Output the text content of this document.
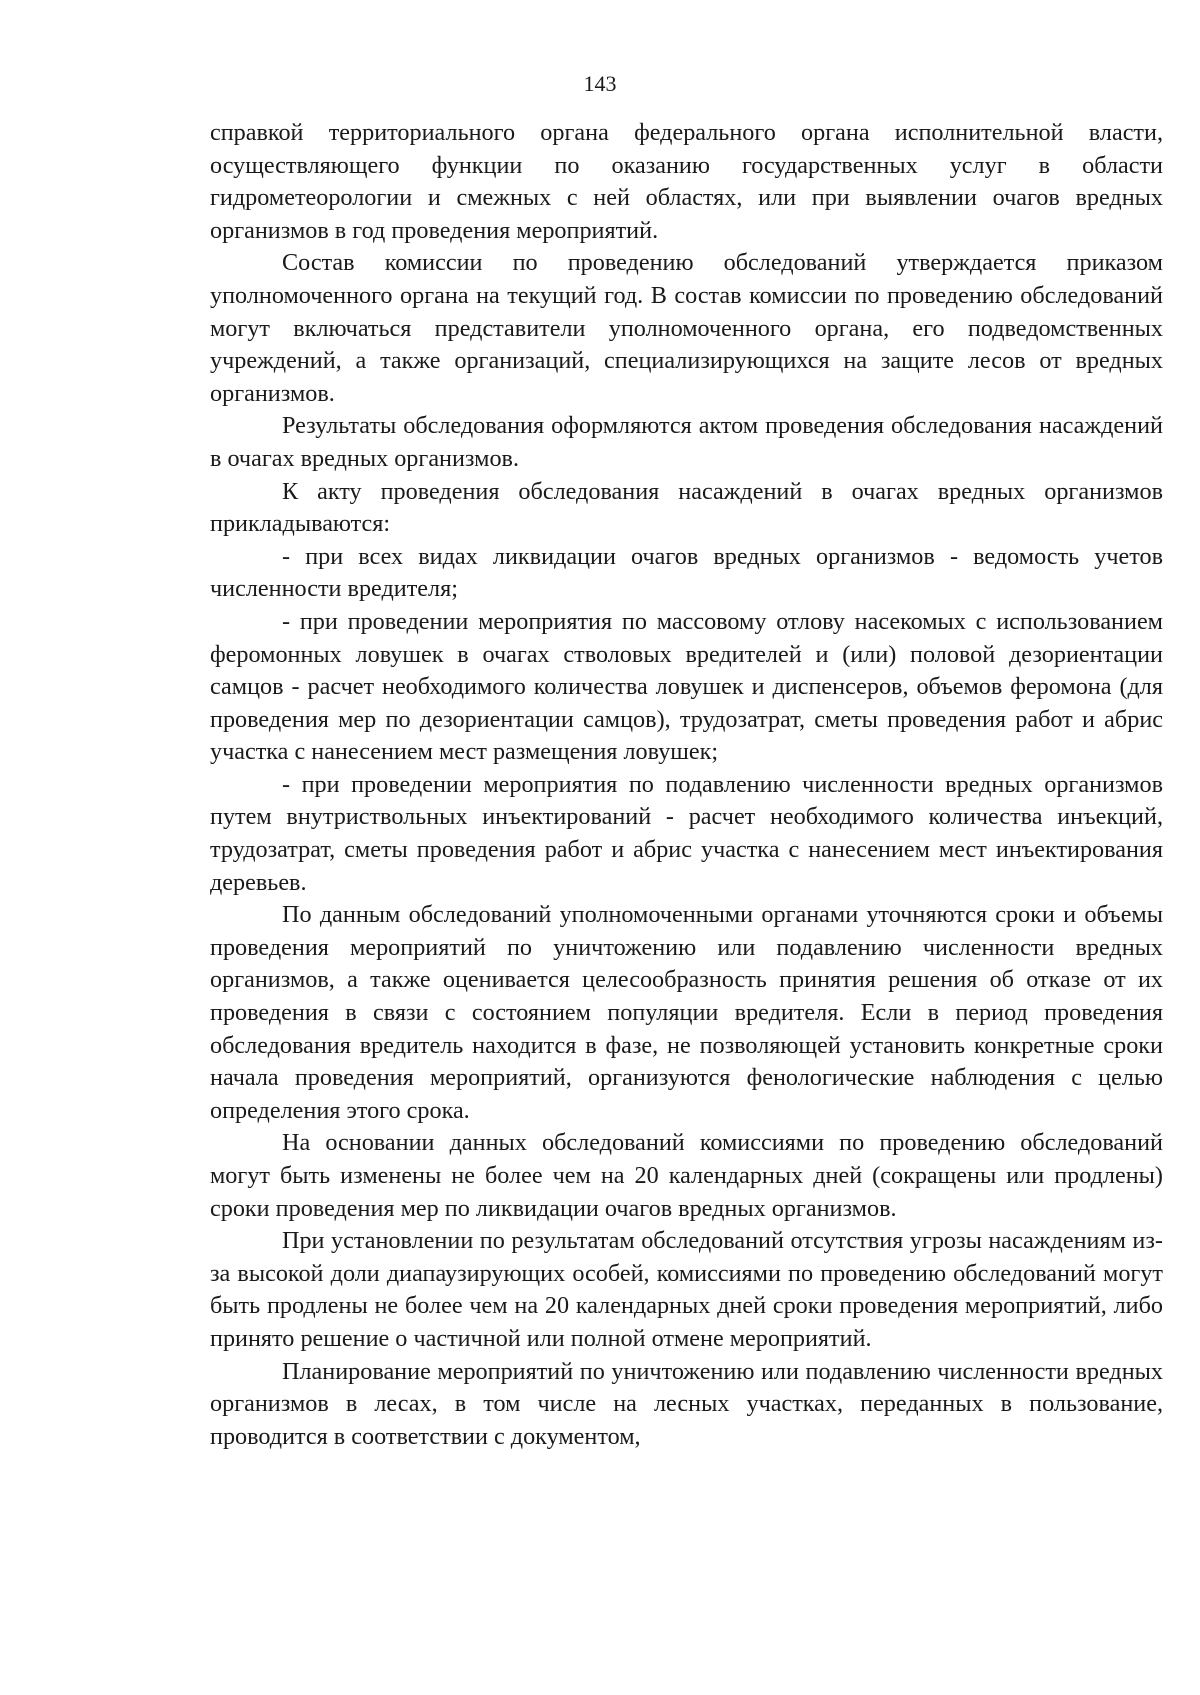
143

справкой территориального органа федерального органа исполнительной власти, осуществляющего функции по оказанию государственных услуг в области гидрометеорологии и смежных с ней областях, или при выявлении очагов вредных организмов в год проведения мероприятий.

Состав комиссии по проведению обследований утверждается приказом уполномоченного органа на текущий год. В состав комиссии по проведению обследований могут включаться представители уполномоченного органа, его подведомственных учреждений, а также организаций, специализирующихся на защите лесов от вредных организмов.

Результаты обследования оформляются актом проведения обследования насаждений в очагах вредных организмов.

К акту проведения обследования насаждений в очагах вредных организмов прикладываются:

- при всех видах ликвидации очагов вредных организмов - ведомость учетов численности вредителя;

- при проведении мероприятия по массовому отлову насекомых с использованием феромонных ловушек в очагах стволовых вредителей и (или) половой дезориентации самцов - расчет необходимого количества ловушек и диспенсеров, объемов феромона (для проведения мер по дезориентации самцов), трудозатрат, сметы проведения работ и абрис участка с нанесением мест размещения ловушек;

- при проведении мероприятия по подавлению численности вредных организмов путем внутриствольных инъектирований - расчет необходимого количества инъекций, трудозатрат, сметы проведения работ и абрис участка с нанесением мест инъектирования деревьев.

По данным обследований уполномоченными органами уточняются сроки и объемы проведения мероприятий по уничтожению или подавлению численности вредных организмов, а также оценивается целесообразность принятия решения об отказе от их проведения в связи с состоянием популяции вредителя. Если в период проведения обследования вредитель находится в фазе, не позволяющей установить конкретные сроки начала проведения мероприятий, организуются фенологические наблюдения с целью определения этого срока.

На основании данных обследований комиссиями по проведению обследований могут быть изменены не более чем на 20 календарных дней (сокращены или продлены) сроки проведения мер по ликвидации очагов вредных организмов.

При установлении по результатам обследований отсутствия угрозы насаждениям из-за высокой доли диапаузирующих особей, комиссиями по проведению обследований могут быть продлены не более чем на 20 календарных дней сроки проведения мероприятий, либо принято решение о частичной или полной отмене мероприятий.

Планирование мероприятий по уничтожению или подавлению численности вредных организмов в лесах, в том числе на лесных участках, переданных в пользование, проводится в соответствии с документом,
